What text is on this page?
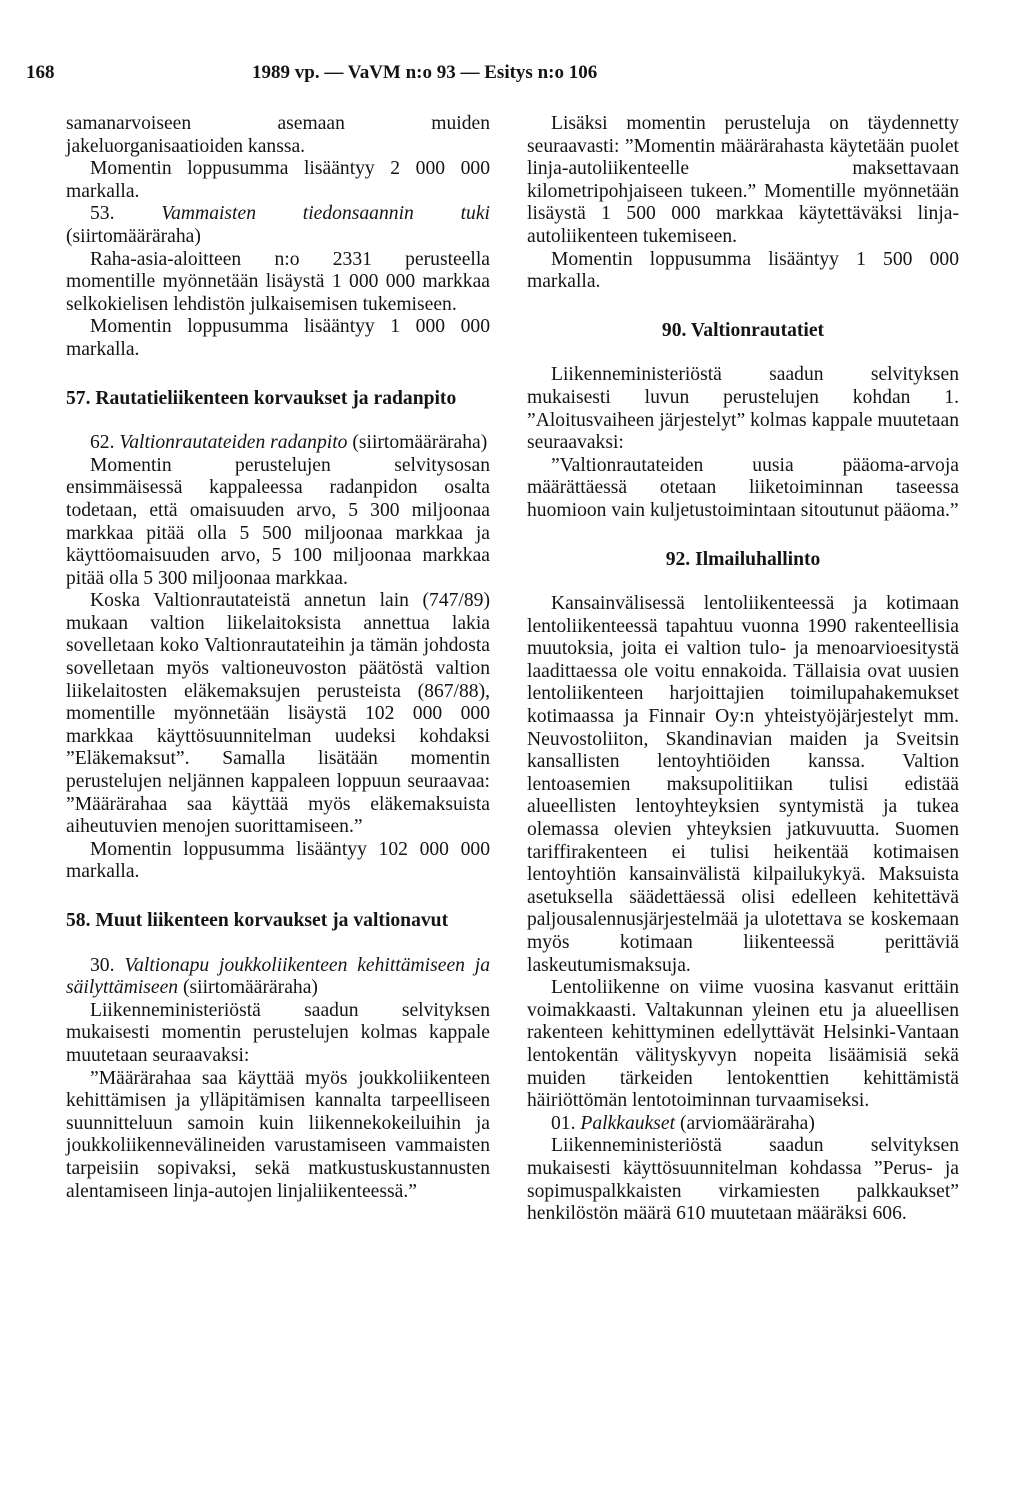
168	1989 vp. — VaVM n:o 93 — Esitys n:o 106

samanarvoiseen asemaan muiden jakeluorganisaatioiden kanssa.

Momentin loppusumma lisääntyy 2 000 000 markalla.

53. Vammaisten tiedonsaannin tuki (siirtomääräraha)

Raha-asia-aloitteen n:o 2331 perusteella momentille myönnetään lisäystä 1 000 000 markkaa selkokielisen lehdistön julkaisemisen tukemiseen.

Momentin loppusumma lisääntyy 1 000 000 markalla.

57. Rautatieliikenteen korvaukset ja radanpito

62. Valtionrautateiden radanpito (siirtomääräraha)

Momentin perustelujen selvitysosan ensimmäisessä kappaleessa radanpidon osalta todetaan, että omaisuuden arvo, 5 300 miljoonaa markkaa pitää olla 5 500 miljoonaa markkaa ja käyttöomaisuuden arvo, 5 100 miljoonaa markkaa pitää olla 5 300 miljoonaa markkaa.

Koska Valtionrautateistä annetun lain (747/89) mukaan valtion liikelaitoksista annettua lakia sovelletaan koko Valtionrautateihin ja tämän johdosta sovelletaan myös valtioneuvoston päätöstä valtion liikelaitosten eläkemaksujen perusteista (867/88), momentille myönnetään lisäystä 102 000 000 markkaa käyttösuunnitelman uudeksi kohdaksi ”Eläkemaksut”. Samalla lisätään momentin perustelujen neljännen kappaleen loppuun seuraavaa: ”Määrärahaa saa käyttää myös eläkemaksuista aiheutuvien menojen suorittamiseen.”

Momentin loppusumma lisääntyy 102 000 000 markalla.

58. Muut liikenteen korvaukset ja valtionavut

30. Valtionapu joukkoliikenteen kehittämiseen ja säilyttämiseen (siirtomääräraha)

Liikenneministeriöstä saadun selvityksen mukaisesti momentin perustelujen kolmas kappale muutetaan seuraavaksi:

”Määrärahaa saa käyttää myös joukkoliikenteen kehittämisen ja ylläpitämisen kannalta tarpeelliseen suunnitteluun samoin kuin liikennekokeiluihin ja joukkoliikennevälineiden varustamiseen vammaisten tarpeisiin sopivaksi, sekä matkustuskustannusten alentamiseen linja-autojen linjaliikenteessä.”

Lisäksi momentin perusteluja on täydennetty seuraavasti: ”Momentin määrärahasta käytetään puolet linja-autoliikenteelle maksettavaan kilometripohjaiseen tukeen.” Momentille myönnetään lisäystä 1 500 000 markkaa käytettäväksi linja-autoliikenteen tukemiseen.

Momentin loppusumma lisääntyy 1 500 000 markalla.

90. Valtionrautatiet

Liikenneministeriöstä saadun selvityksen mukaisesti luvun perustelujen kohdan 1. ”Aloitusvaiheen järjestelyt” kolmas kappale muutetaan seuraavaksi:

”Valtionrautateiden uusia pääoma-arvoja määrättäessä otetaan liiketoiminnan taseessa huomioon vain kuljetustoimintaan sitoutunut pääoma.”

92. Ilmailuhallinto

Kansainvälisessä lentoliikenteessä ja kotimaan lentoliikenteessä tapahtuu vuonna 1990 rakenteellisia muutoksia, joita ei valtion tulo- ja menoarvioesitystä laadittaessa ole voitu ennakoida. Tällaisia ovat uusien lentoliikenteen harjoittajien toimilupahakemukset kotimaassa ja Finnair Oy:n yhteistyöjärjestelyt mm. Neuvostoliiton, Skandinavian maiden ja Sveitsin kansallisten lentoyhtiöiden kanssa. Valtion lentoasemien maksupolitiikan tulisi edistää alueellisten lentoyhteyksien syntymistä ja tukea olemassa olevien yhteyksien jatkuvuutta. Suomen tariffirakenteen ei tulisi heikentää kotimaisen lentoyhtiön kansainvälistä kilpailukykyä. Maksuista asetuksella säädettäessä olisi edelleen kehitettävä paljousalennusjärjestelmää ja ulotettava se koskemaan myös kotimaan liikenteessä perittäviä laskeutumismaksuja.

Lentoliikenne on viime vuosina kasvanut erittäin voimakkaasti. Valtakunnan yleinen etu ja alueellisen rakenteen kehittyminen edellyttävät Helsinki-Vantaan lentokentän välityskyvyn nopeita lisäämisiä sekä muiden tärkeiden lentokenttien kehittämistä häiriöttömän lentotoiminnan turvaamiseksi.

01. Palkkaukset (arviomääräraha)

Liikenneministeriöstä saadun selvityksen mukaisesti käyttösuunnitelman kohdassa ”Perus- ja sopimuspalkkaisten virkamiesten palkkaukset” henkilöstön määrä 610 muutetaan määräksi 606.
